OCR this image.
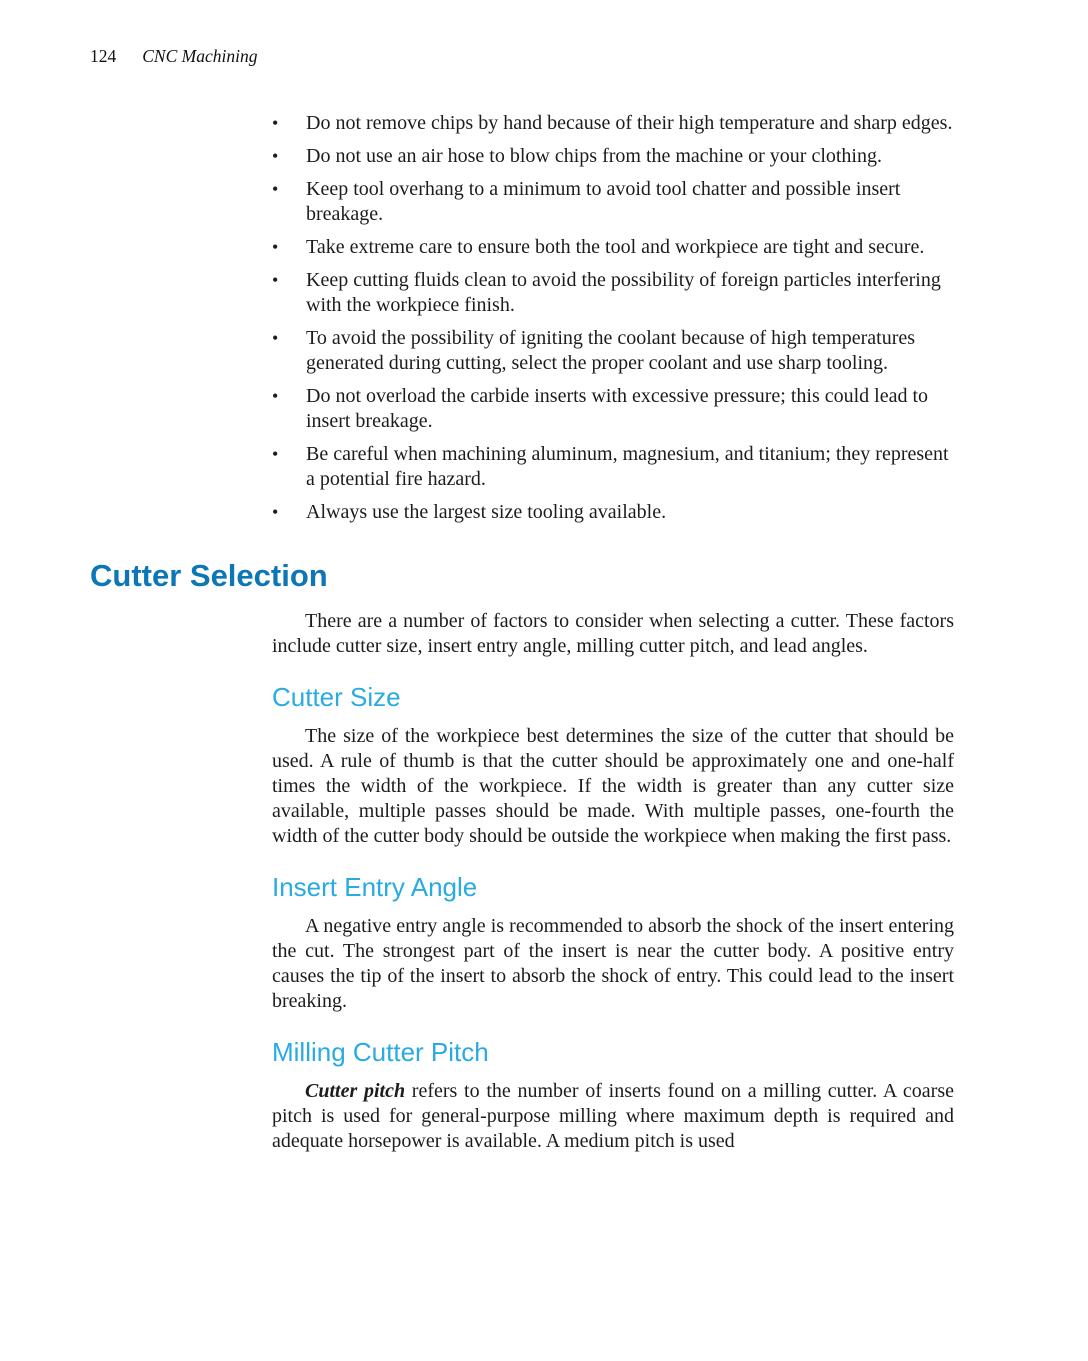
124 CNC Machining
•	Do not remove chips by hand because of their high temperature and sharp edges.
•	Do not use an air hose to blow chips from the machine or your clothing.
•	Keep tool overhang to a minimum to avoid tool chatter and possible insert breakage.
•	Take extreme care to ensure both the tool and workpiece are tight and secure.
•	Keep cutting fluids clean to avoid the possibility of foreign particles interfering with the workpiece finish.
•	To avoid the possibility of igniting the coolant because of high temperatures generated during cutting, select the proper coolant and use sharp tooling.
•	Do not overload the carbide inserts with excessive pressure; this could lead to insert breakage.
•	Be careful when machining aluminum, magnesium, and titanium; they represent a potential fire hazard.
•	Always use the largest size tooling available.
Cutter Selection

There are a number of factors to consider when selecting a cutter. These factors include cutter size, insert entry angle, milling cutter pitch, and lead angles.

Cutter Size

The size of the workpiece best determines the size of the cutter that should be used. A rule of thumb is that the cutter should be approximately one and one-half times the width of the workpiece. If the width is greater than any cutter size available, multiple passes should be made. With multiple passes, one-fourth the width of the cutter body should be outside the workpiece when making the first pass.

Insert Entry Angle

A negative entry angle is recommended to absorb the shock of the insert entering the cut. The strongest part of the insert is near the cutter body. A positive entry causes the tip of the insert to absorb the shock of entry. This could lead to the insert breaking.

Milling Cutter Pitch

Cutter pitch refers to the number of inserts found on a milling cutter. A coarse pitch is used for general-purpose milling where maximum depth is required and adequate horsepower is available. A medium pitch is used
